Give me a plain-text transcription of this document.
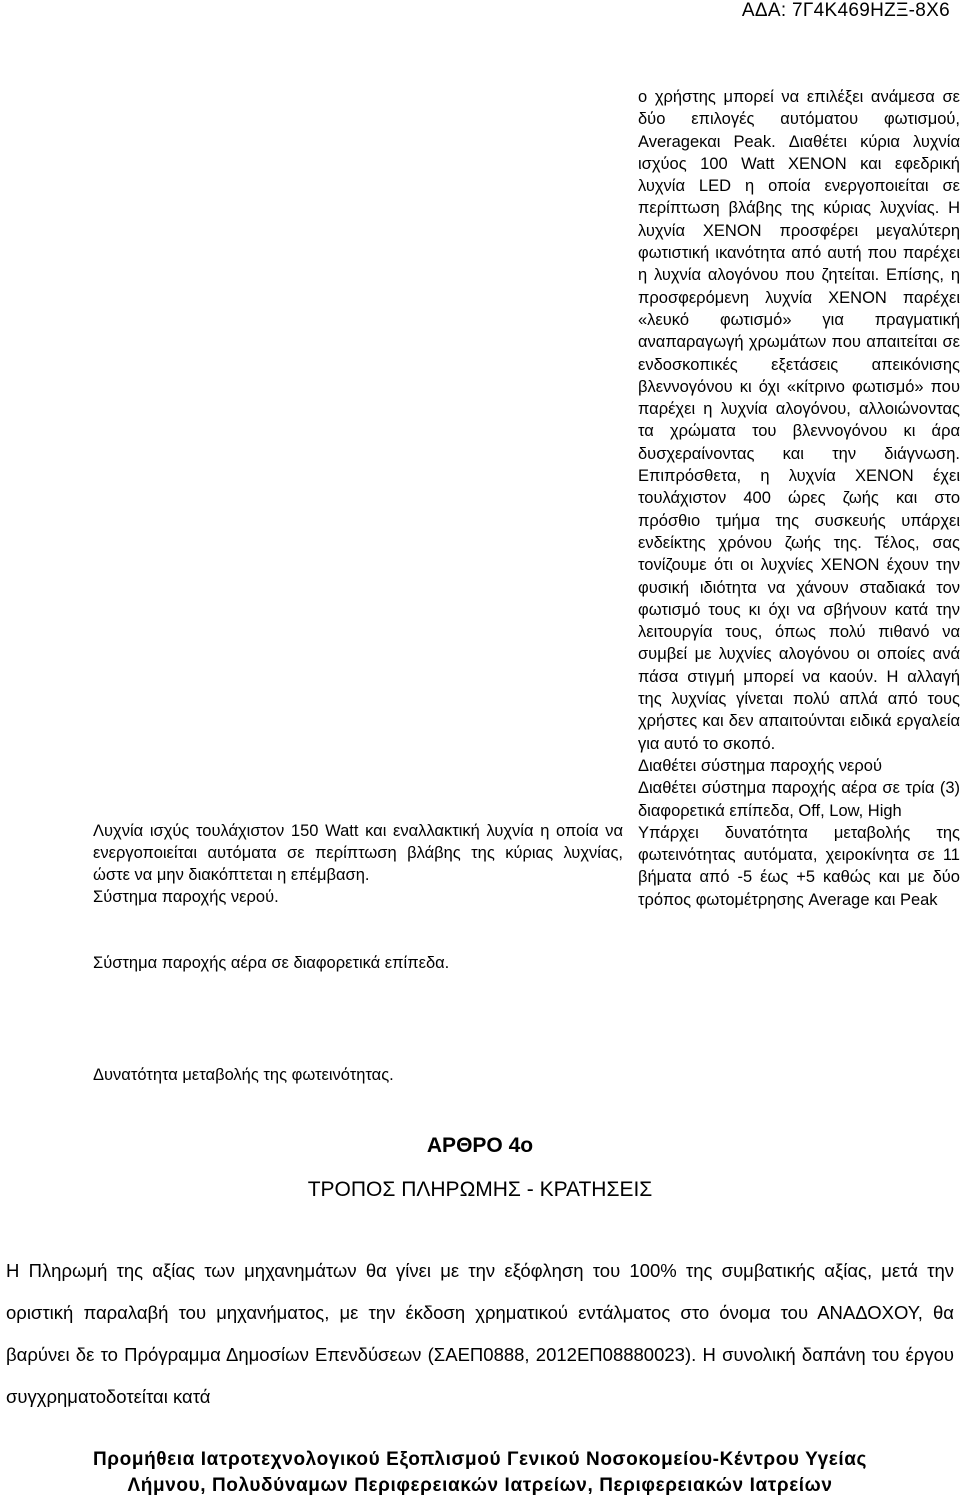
ΑΔΑ: 7Γ4Κ469ΗΖΞ-8Χ6
Λυχνία ισχύς τουλάχιστον 150 Watt και εναλλακτική λυχνία η οποία να ενεργοποιείται αυτόματα σε περίπτωση βλάβης της κύριας λυχνίας, ώστε να μην διακόπτεται η επέμβαση.
Σύστημα παροχής νερού.
Σύστημα παροχής αέρα σε διαφορετικά επίπεδα.
Δυνατότητα μεταβολής της φωτεινότητας.

ο χρήστης μπορεί να επιλέξει ανάμεσα σε δύο επιλογές αυτόματου φωτισμού, Averageκαι Peak. Διαθέτει κύρια λυχνία ισχύος 100 Watt XENON και εφεδρική λυχνία LED η οποία ενεργοποιείται σε περίπτωση βλάβης της κύριας λυχνίας. Η λυχνία XENON προσφέρει μεγαλύτερη φωτιστική ικανότητα από αυτή που παρέχει η λυχνία αλογόνου που ζητείται. Επίσης, η προσφερόμενη λυχνία XENON παρέχει «λευκό φωτισμό» για πραγματική αναπαραγωγή χρωμάτων που απαιτείται σε ενδοσκοπικές εξετάσεις απεικόνισης βλεννογόνου κι όχι «κίτρινο φωτισμό» που παρέχει η λυχνία αλογόνου, αλλοιώνοντας τα χρώματα του βλεννογόνου κι άρα δυσχεραίνοντας και την διάγνωση. Επιπρόσθετα, η λυχνία XENON έχει τουλάχιστον 400 ώρες ζωής και στο πρόσθιο τμήμα της συσκευής υπάρχει ενδείκτης χρόνου ζωής της. Τέλος, σας τονίζουμε ότι οι λυχνίες XENON έχουν την φυσική ιδιότητα να χάνουν σταδιακά τον φωτισμό τους κι όχι να σβήνουν κατά την λειτουργία τους, όπως πολύ πιθανό να συμβεί με λυχνίες αλογόνου οι οποίες ανά πάσα στιγμή μπορεί να καούν. Η αλλαγή της λυχνίας γίνεται πολύ απλά από τους χρήστες και δεν απαιτούνται ειδικά εργαλεία για αυτό το σκοπό.

Διαθέτει σύστημα παροχής νερού

Διαθέτει σύστημα παροχής αέρα σε τρία (3) διαφορετικά επίπεδα, Off, Low, High

Υπάρχει δυνατότητα μεταβολής της φωτεινότητας αυτόματα, χειροκίνητα σε 11 βήματα από -5 έως +5 καθώς και με δύο τρόπος φωτομέτρησης Average και Peak

ΑΡΘΡΟ 4ο
ΤΡΟΠΟΣ ΠΛΗΡΩΜΗΣ - ΚΡΑΤΗΣΕΙΣ
Η Πληρωμή της αξίας των μηχανημάτων θα γίνει με την εξόφληση του 100% της συμβατικής αξίας, μετά την οριστική παραλαβή του μηχανήματος, με την έκδοση χρηματικού εντάλματος στο όνομα του ΑΝΑΔΟΧΟΥ, θα βαρύνει δε το Πρόγραμμα Δημοσίων Επενδύσεων (ΣΑΕΠ0888, 2012ΕΠ08880023). Η συνολική δαπάνη του έργου συγχρηματοδοτείται κατά
Προμήθεια Ιατροτεχνολογικού Εξοπλισμού Γενικού Νοσοκομείου-Κέντρου Υγείας
Λήμνου, Πολυδύναμων Περιφερειακών Ιατρείων, Περιφερειακών Ιατρείων
